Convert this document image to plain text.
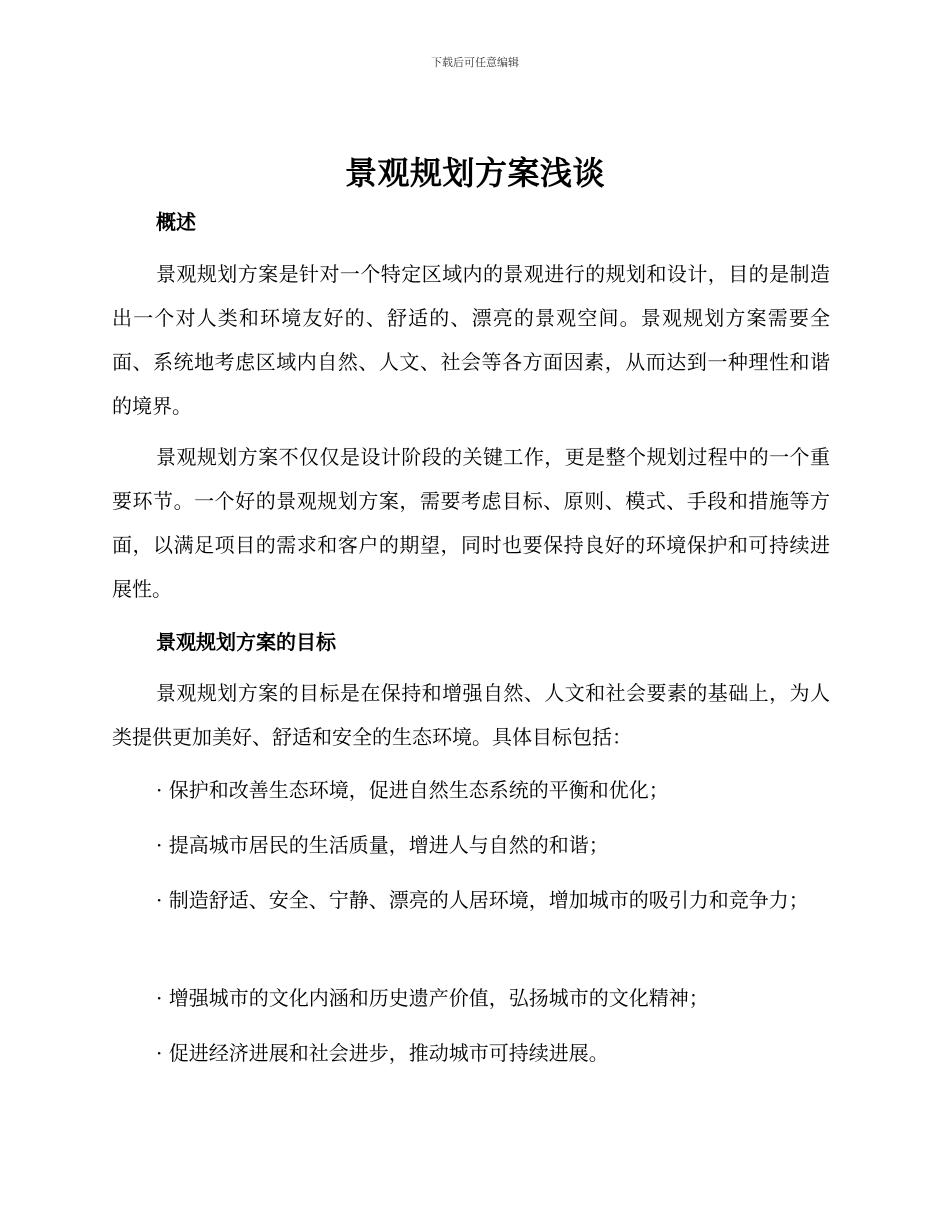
下载后可任意编辑
景观规划方案浅谈
概述
景观规划方案是针对一个特定区域内的景观进行的规划和设计，目的是制造出一个对人类和环境友好的、舒适的、漂亮的景观空间。景观规划方案需要全面、系统地考虑区域内自然、人文、社会等各方面因素，从而达到一种理性和谐的境界。
景观规划方案不仅仅是设计阶段的关键工作，更是整个规划过程中的一个重要环节。一个好的景观规划方案，需要考虑目标、原则、模式、手段和措施等方面，以满足项目的需求和客户的期望，同时也要保持良好的环境保护和可持续进展性。
景观规划方案的目标
景观规划方案的目标是在保持和增强自然、人文和社会要素的基础上，为人类提供更加美好、舒适和安全的生态环境。具体目标包括：
· 保护和改善生态环境，促进自然生态系统的平衡和优化；
· 提高城市居民的生活质量，增进人与自然的和谐；
· 制造舒适、安全、宁静、漂亮的人居环境，增加城市的吸引力和竞争力；
· 增强城市的文化内涵和历史遗产价值，弘扬城市的文化精神；
· 促进经济进展和社会进步，推动城市可持续进展。
